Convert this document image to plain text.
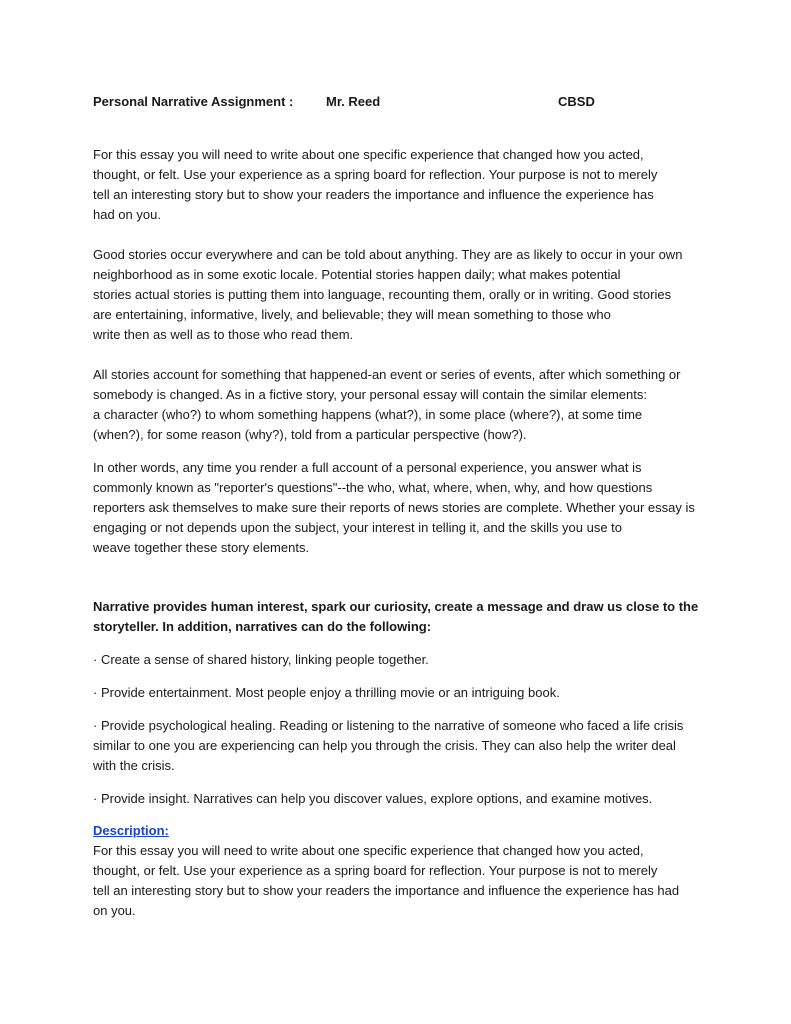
Personal Narrative Assignment :	Mr. Reed	CBSD
For this essay you will need to write about one specific experience that changed how you acted,
thought, or felt. Use your experience as a spring board for reflection. Your purpose is not to merely
tell an interesting story but to show your readers the importance and influence the experience has
had on you.
Good stories occur everywhere and can be told about anything. They are as likely to occur in your own
neighborhood as in some exotic locale. Potential stories happen daily; what makes potential
stories actual stories is putting them into language, recounting them, orally or in writing. Good stories
are entertaining, informative, lively, and believable; they will mean something to those who
write then as well as to those who read them.
All stories account for something that happened-an event or series of events, after which something or
somebody is changed. As in a fictive story, your personal essay will contain the similar elements:
a character (who?) to whom something happens (what?), in some place (where?), at some time
(when?), for some reason (why?), told from a particular perspective (how?).
In other words, any time you render a full account of a personal experience, you answer what is
commonly known as "reporter's questions"--the who, what, where, when, why, and how questions
reporters ask themselves to make sure their reports of news stories are complete. Whether your essay is
engaging or not depends upon the subject, your interest in telling it, and the skills you use to
weave together these story elements.
Narrative provides human interest, spark our curiosity, create a message and draw us close to the
storyteller. In addition, narratives can do the following:
· Create a sense of shared history, linking people together.
· Provide entertainment. Most people enjoy a thrilling movie or an intriguing book.
· Provide psychological healing. Reading or listening to the narrative of someone who faced a life crisis
similar to one you are experiencing can help you through the crisis. They can also help the writer deal
with the crisis.
· Provide insight. Narratives can help you discover values, explore options, and examine motives.
Description:
For this essay you will need to write about one specific experience that changed how you acted,
thought, or felt. Use your experience as a spring board for reflection. Your purpose is not to merely
tell an interesting story but to show your readers the importance and influence the experience has had
on you.
